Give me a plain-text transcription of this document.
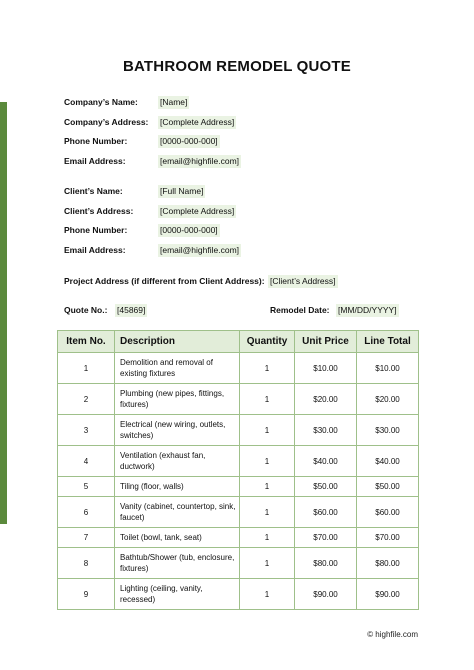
BATHROOM REMODEL QUOTE
Company’s Name:	[Name]
Company’s Address: [Complete Address]
Phone Number:	[0000-000-000]
Email Address:	[email@highfile.com]
Client’s Name:	[Full Name]
Client’s Address:	[Complete Address]
Phone Number:	[0000-000-000]
Email Address:	[email@highfile.com]
Project Address (if different from Client Address): [Client’s Address]
Quote No.: [45869]	Remodel Date: [MM/DD/YYYY]
Item No.	Description	Quantity	Unit Price	Line Total
1	Demolition and removal of existing fixtures	1	$10.00	$10.00
2	Plumbing (new pipes, fittings, fixtures)	1	$20.00	$20.00
3	Electrical (new wiring, outlets, switches)	1	$30.00	$30.00
4	Ventilation (exhaust fan, ductwork)	1	$40.00	$40.00
5	Tiling (floor, walls)	1	$50.00	$50.00
6	Vanity (cabinet, countertop, sink, faucet)	1	$60.00	$60.00
7	Toilet (bowl, tank, seat)	1	$70.00	$70.00
8	Bathtub/Shower (tub, enclosure, fixtures)	1	$80.00	$80.00
9	Lighting (ceiling, vanity, recessed)	1	$90.00	$90.00
© highfile.com
